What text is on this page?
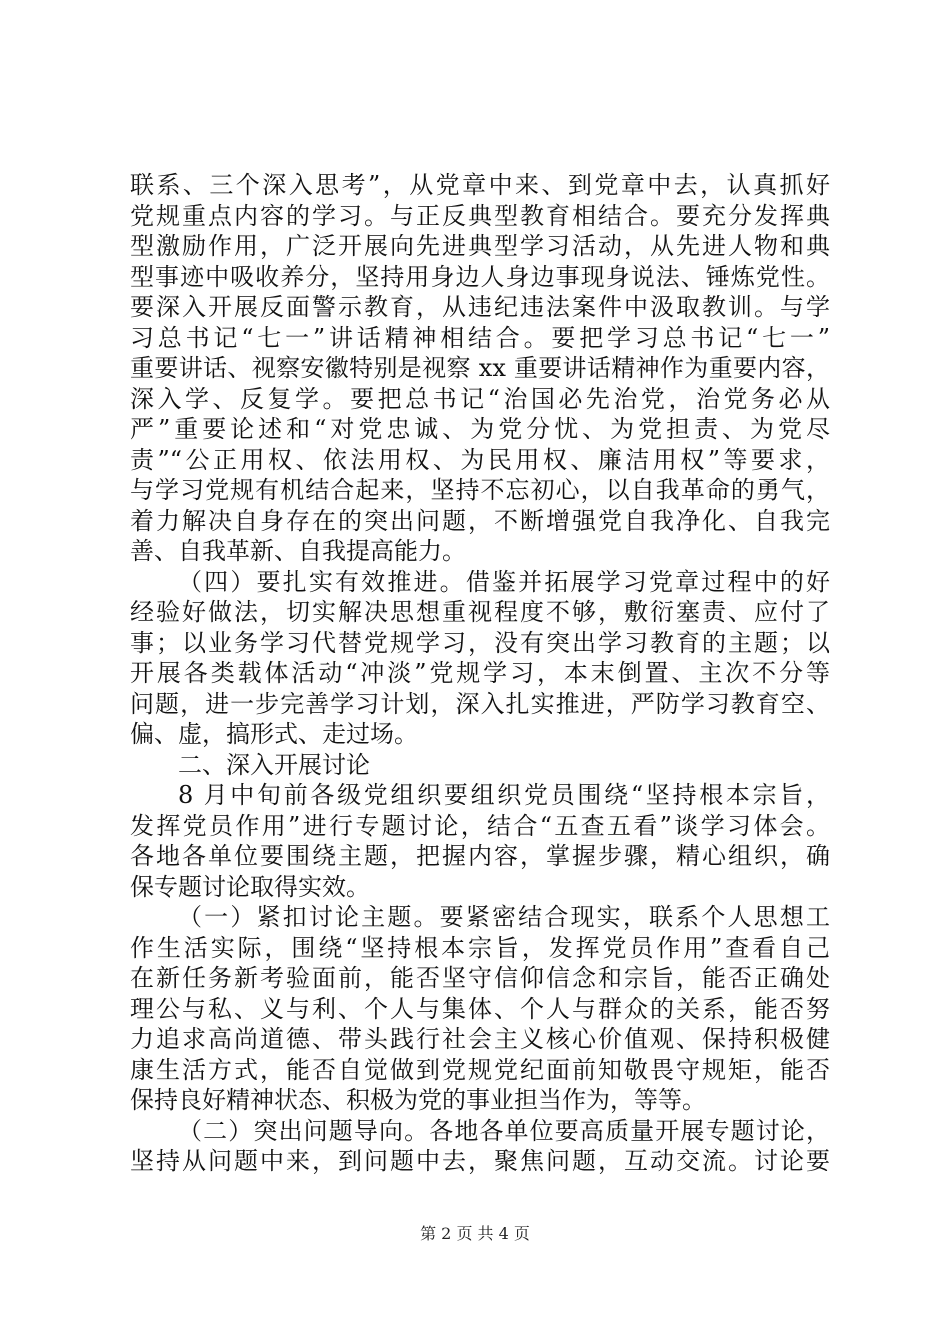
联系、三个深入思考”，从党章中来、到党章中去，认真抓好
党规重点内容的学习。与正反典型教育相结合。要充分发挥典
型激励作用，广泛开展向先进典型学习活动，从先进人物和典
型事迹中吸收养分，坚持用身边人身边事现身说法、锤炼党性。
要深入开展反面警示教育，从违纪违法案件中汲取教训。与学
习总书记“七一”讲话精神相结合。要把学习总书记“七一”
重要讲话、视察安徽特别是视察 xx 重要讲话精神作为重要内容，
深入学、反复学。要把总书记“治国必先治党，治党务必从
严”重要论述和“对党忠诚、为党分忧、为党担责、为党尽
责”“公正用权、依法用权、为民用权、廉洁用权”等要求，
与学习党规有机结合起来，坚持不忘初心，以自我革命的勇气，
着力解决自身存在的突出问题，不断增强党自我净化、自我完
善、自我革新、自我提高能力。
（四）要扎实有效推进。借鉴并拓展学习党章过程中的好
经验好做法，切实解决思想重视程度不够，敷衍塞责、应付了
事；以业务学习代替党规学习，没有突出学习教育的主题；以
开展各类载体活动“冲淡”党规学习，本末倒置、主次不分等
问题，进一步完善学习计划，深入扎实推进，严防学习教育空、
偏、虚，搞形式、走过场。
二、深入开展讨论
8 月中旬前各级党组织要组织党员围绕“坚持根本宗旨，
发挥党员作用”进行专题讨论，结合“五查五看”谈学习体会。
各地各单位要围绕主题，把握内容，掌握步骤，精心组织，确
保专题讨论取得实效。
（一）紧扣讨论主题。要紧密结合现实，联系个人思想工
作生活实际，围绕“坚持根本宗旨，发挥党员作用”查看自己
在新任务新考验面前，能否坚守信仰信念和宗旨，能否正确处
理公与私、义与利、个人与集体、个人与群众的关系，能否努
力追求高尚道德、带头践行社会主义核心价值观、保持积极健
康生活方式，能否自觉做到党规党纪面前知敬畏守规矩，能否
保持良好精神状态、积极为党的事业担当作为，等等。
（二）突出问题导向。各地各单位要高质量开展专题讨论，
坚持从问题中来，到问题中去，聚焦问题，互动交流。讨论要
第 2 页 共 4 页
